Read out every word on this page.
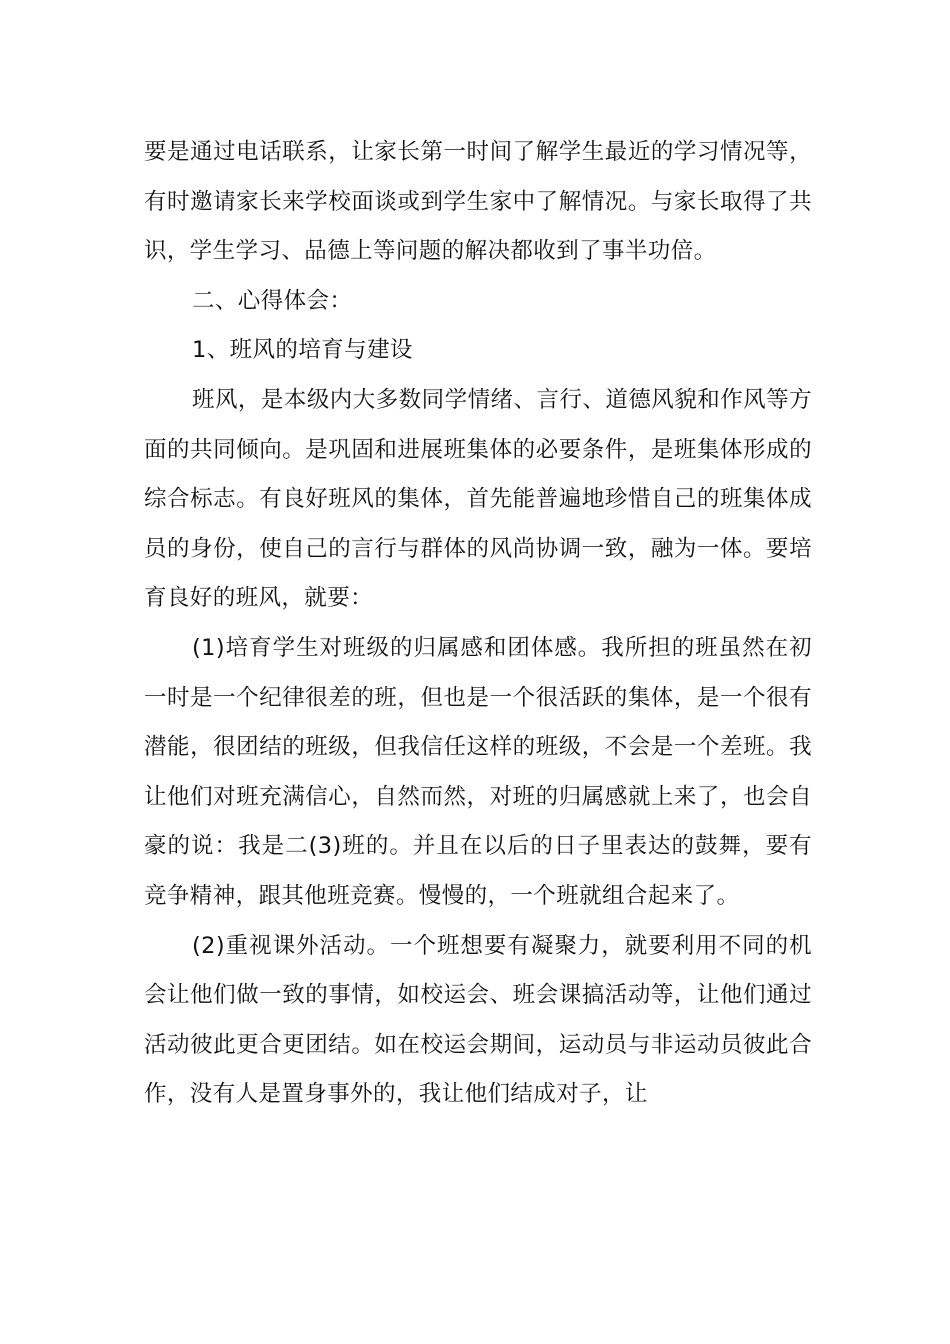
要是通过电话联系，让家长第一时间了解学生最近的学习情况等，有时邀请家长来学校面谈或到学生家中了解情况。与家长取得了共识，学生学习、品德上等问题的解决都收到了事半功倍。

二、心得体会：

1、班风的培育与建设

班风，是本级内大多数同学情绪、言行、道德风貌和作风等方面的共同倾向。是巩固和进展班集体的必要条件，是班集体形成的综合标志。有良好班风的集体，首先能普遍地珍惜自己的班集体成员的身份，使自己的言行与群体的风尚协调一致，融为一体。要培育良好的班风，就要：

(1)培育学生对班级的归属感和团体感。我所担的班虽然在初一时是一个纪律很差的班，但也是一个很活跃的集体，是一个很有潜能，很团结的班级，但我信任这样的班级，不会是一个差班。我让他们对班充满信心，自然而然，对班的归属感就上来了，也会自豪的说：我是二(3)班的。并且在以后的日子里表达的鼓舞，要有竞争精神，跟其他班竞赛。慢慢的，一个班就组合起来了。

(2)重视课外活动。一个班想要有凝聚力，就要利用不同的机会让他们做一致的事情，如校运会、班会课搞活动等，让他们通过活动彼此更合更团结。如在校运会期间，运动员与非运动员彼此合作，没有人是置身事外的，我让他们结成对子，让
